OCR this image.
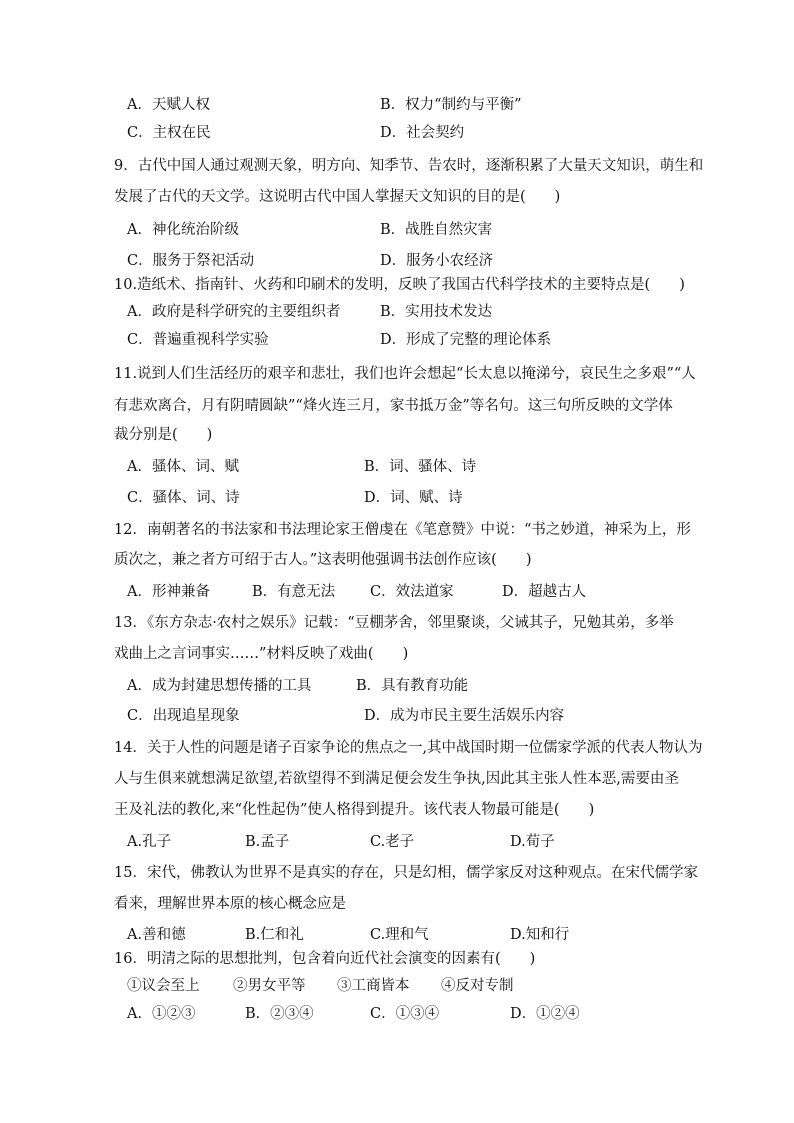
A．天赋人权	B．权力“制约与平衡”
C．主权在民	D．社会契约
9．古代中国人通过观测天象，明方向、知季节、告农时，逐渐积累了大量天文知识，萌生和
发展了古代的天文学。这说明古代中国人掌握天文知识的目的是(　　)
A．神化统治阶级	B．战胜自然灾害
C．服务于祭祀活动	D．服务小农经济
10.造纸术、指南针、火药和印刷术的发明，反映了我国古代科学技术的主要特点是(　　)
A．政府是科学研究的主要组织者	B．实用技术发达
C．普遍重视科学实验	D．形成了完整的理论体系
11.说到人们生活经历的艰辛和悲壮，我们也许会想起“长太息以掩涕兮，哀民生之多艰”“人
有悲欢离合，月有阴晴圆缺”“烽火连三月，家书抵万金”等名句。这三句所反映的文学体
裁分别是(　　)
A．骚体、词、赋	B．词、骚体、诗
C．骚体、词、诗	D．词、赋、诗
12．南朝著名的书法家和书法理论家王僧虔在《笔意赞》中说：“书之妙道，神采为上，形
质次之，兼之者方可绍于古人。”这表明他强调书法创作应该(　　)
A．形神兼备	B．有意无法 C．效法道家	D．超越古人
13．《东方杂志·农村之娱乐》记载：“豆棚茅舍，邻里聚谈，父诫其子，兄勉其弟，多举
戏曲上之言词事实……”材料反映了戏曲(　　)
A．成为封建思想传播的工具	B．具有教育功能
C．出现追星现象	D．成为市民主要生活娱乐内容
14．关于人性的问题是诸子百家争论的焦点之一,其中战国时期一位儒家学派的代表人物认为
人与生俱来就想满足欲望,若欲望得不到满足便会发生争执,因此其主张人性本恶,需要由圣
王及礼法的教化,来“化性起伪”使人格得到提升。该代表人物最可能是(　　)
A.孔子	B.孟子	C.老子	D.荀子
15．宋代，佛教认为世界不是真实的存在，只是幻相，儒学家反对这种观点。在宋代儒学家
看来，理解世界本原的核心概念应是
A.善和德	B.仁和礼	C.理和气	D.知和行
16．明清之际的思想批判，包含着向近代社会演变的因素有(　　)
①议会至上 ②男女平等 ③工商皆本 ④反对专制
A．①②③	B．②③④	C．①③④	D．①②④
